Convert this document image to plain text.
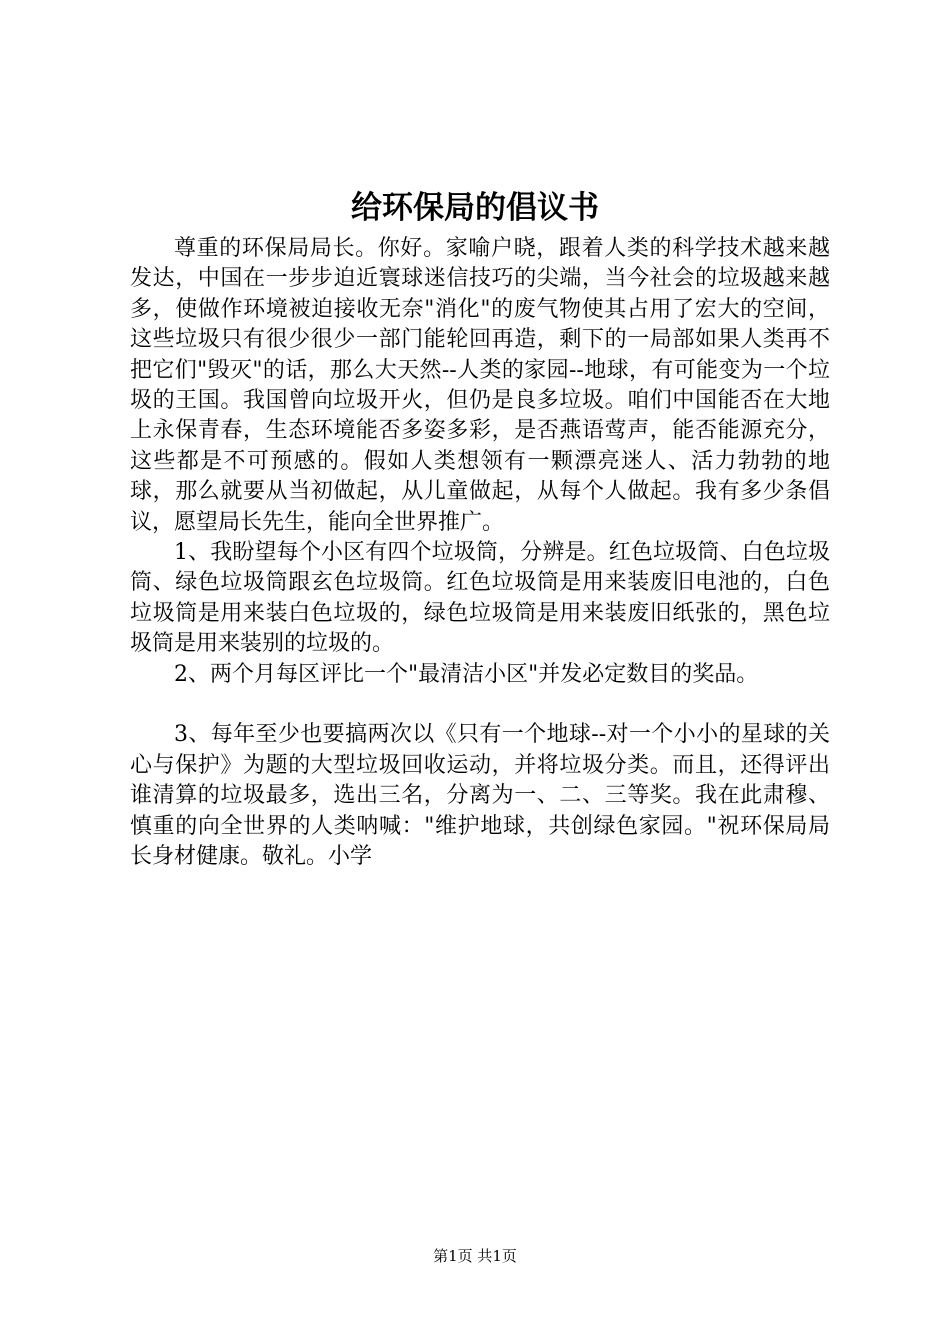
给环保局的倡议书

尊重的环保局局长。你好。家喻户晓，跟着人类的科学技术越来越发达，中国在一步步迫近寰球迷信技巧的尖端，当今社会的垃圾越来越多，使做作环境被迫接收无奈"消化"的废气物使其占用了宏大的空间，这些垃圾只有很少很少一部门能轮回再造，剩下的一局部如果人类再不把它们"毁灭"的话，那么大天然--人类的家园--地球，有可能变为一个垃圾的王国。我国曾向垃圾开火，但仍是良多垃圾。咱们中国能否在大地上永保青春，生态环境能否多姿多彩，是否燕语莺声，能否能源充分，这些都是不可预感的。假如人类想领有一颗漂亮迷人、活力勃勃的地球，那么就要从当初做起，从儿童做起，从每个人做起。我有多少条倡议，愿望局长先生，能向全世界推广。

1、我盼望每个小区有四个垃圾筒，分辨是。红色垃圾筒、白色垃圾筒、绿色垃圾筒跟玄色垃圾筒。红色垃圾筒是用来装废旧电池的，白色垃圾筒是用来装白色垃圾的，绿色垃圾筒是用来装废旧纸张的，黑色垃圾筒是用来装别的垃圾的。

2、两个月每区评比一个"最清洁小区"并发必定数目的奖品。

3、每年至少也要搞两次以《只有一个地球--对一个小小的星球的关心与保护》为题的大型垃圾回收运动，并将垃圾分类。而且，还得评出谁清算的垃圾最多，选出三名，分离为一、二、三等奖。我在此肃穆、慎重的向全世界的人类呐喊："维护地球，共创绿色家园。"祝环保局局长身材健康。敬礼。小学

第1页 共1页
